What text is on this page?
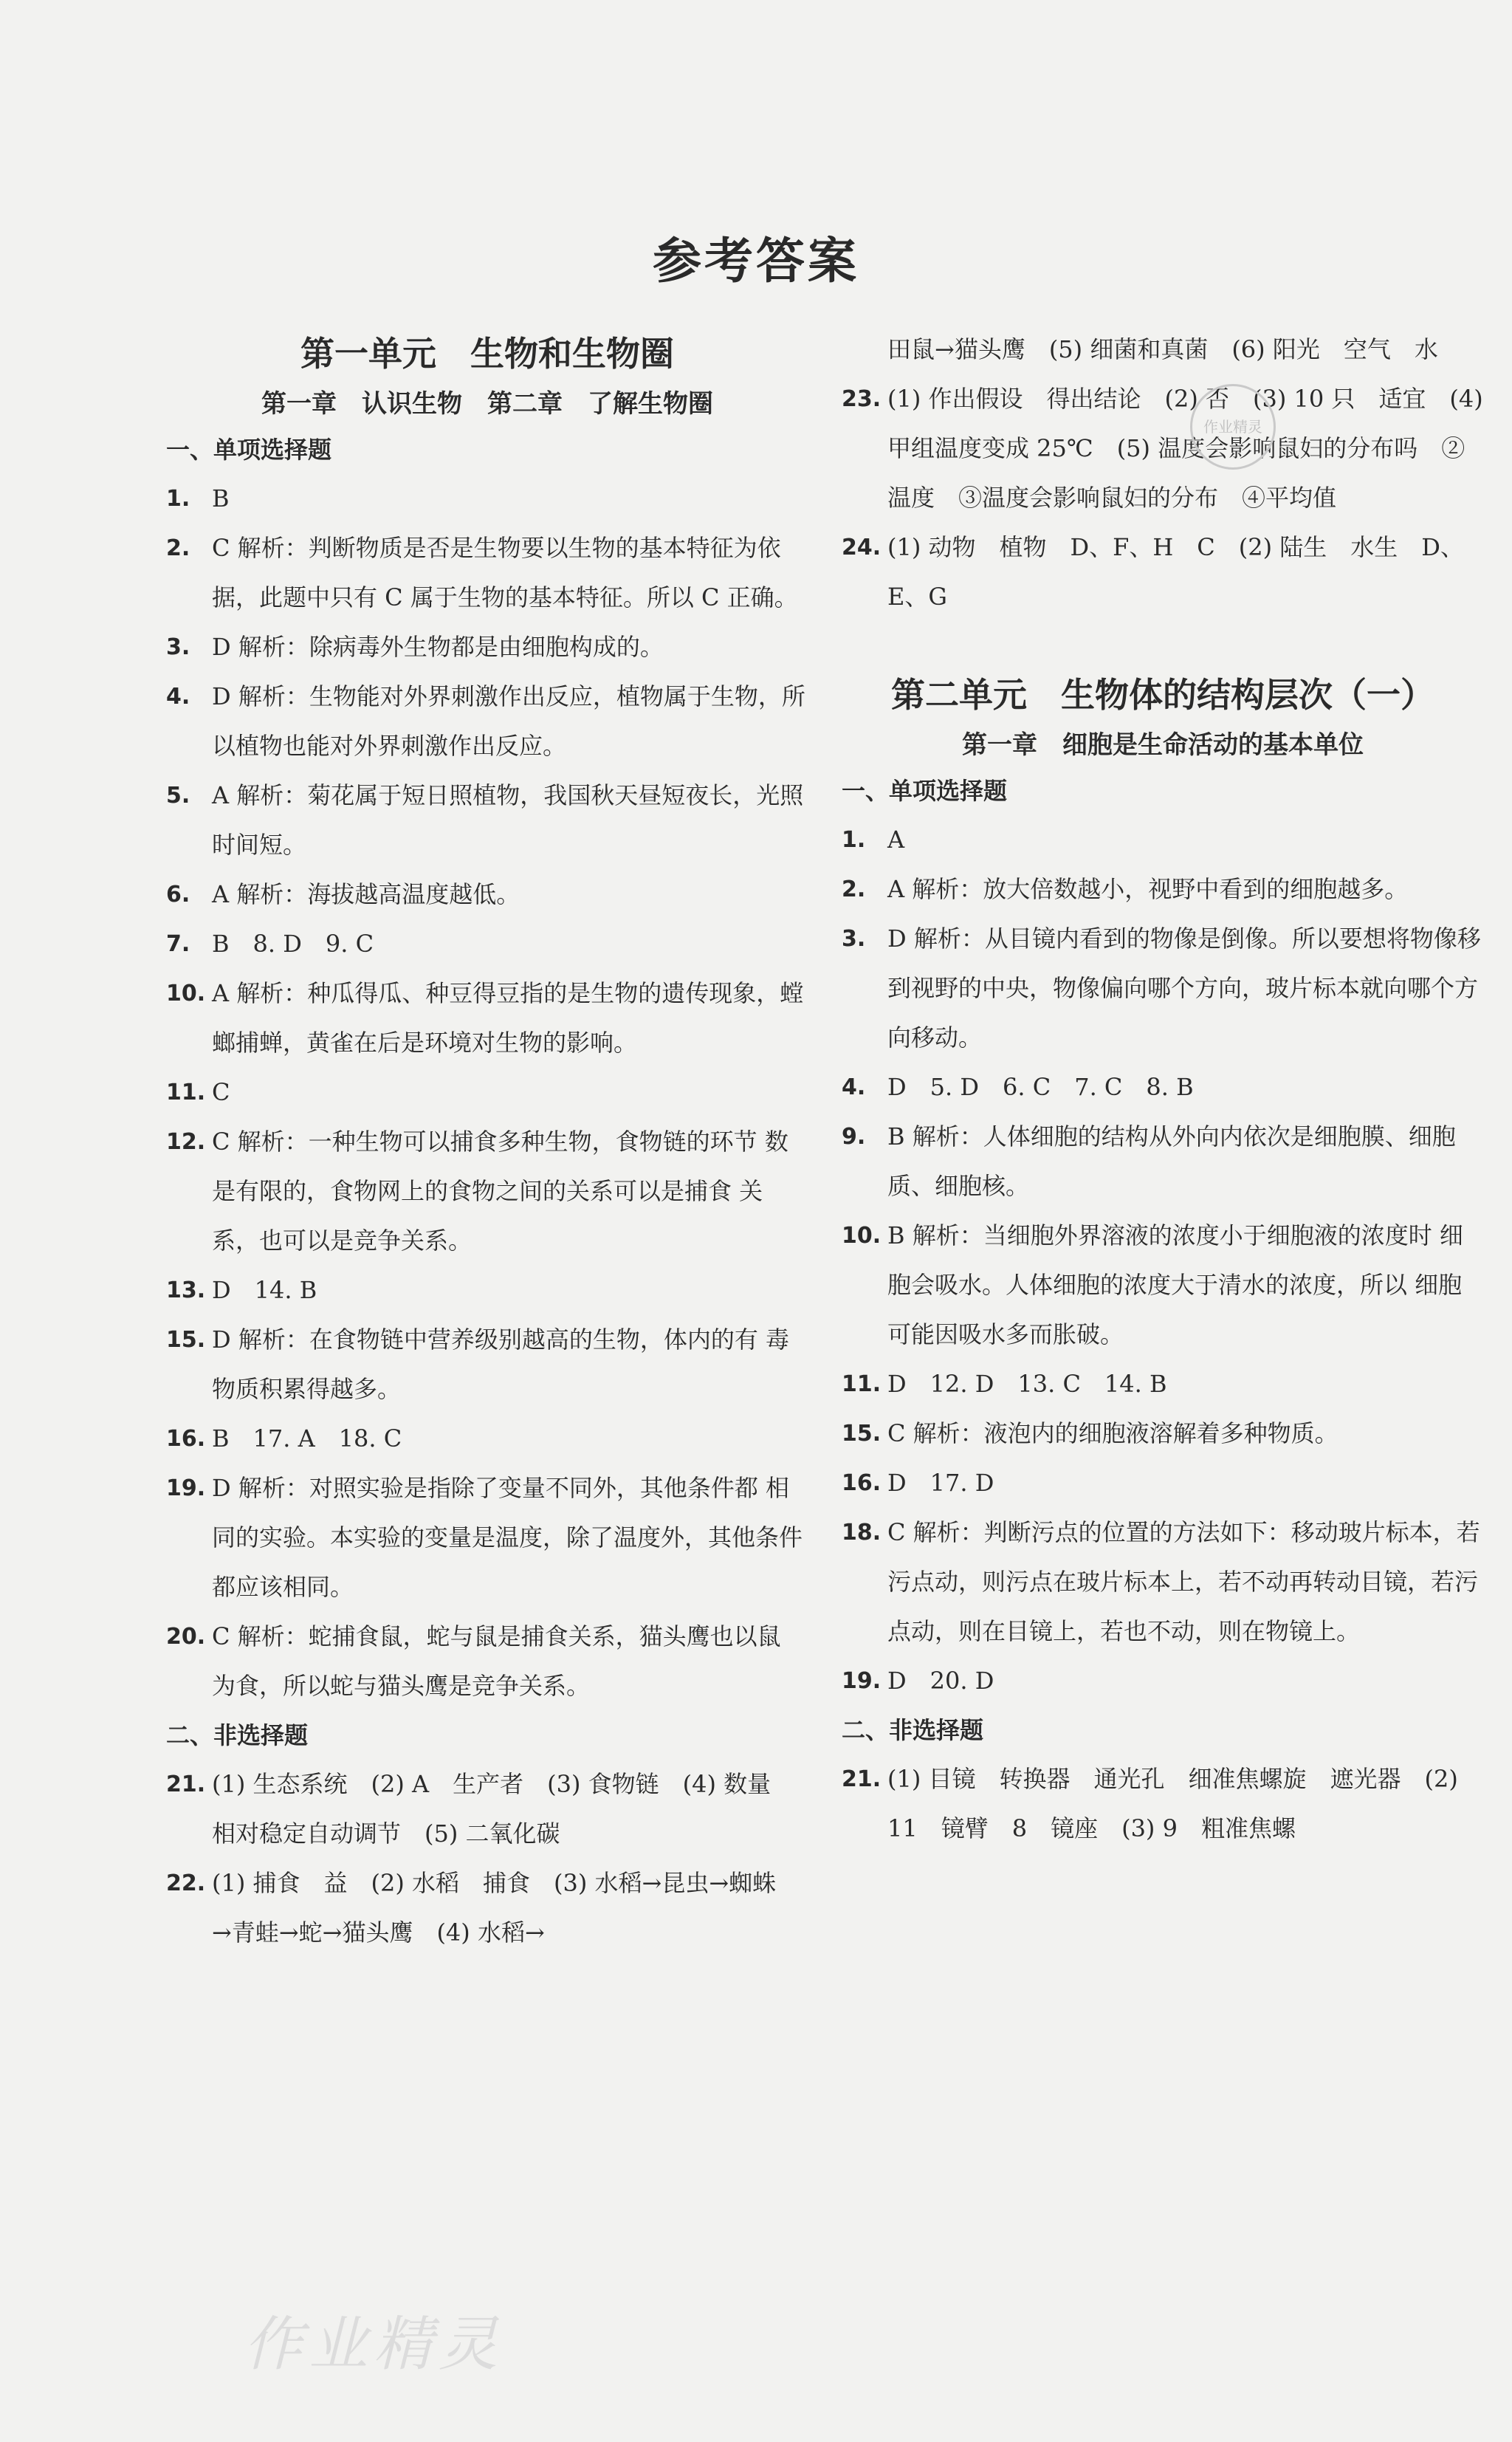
参考答案
第一单元　生物和生物圈
第一章　认识生物　第二章　了解生物圈
一、单项选择题
1. B
2. C 解析：判断物质是否是生物要以生物的基本特征为依 据，此题中只有 C 属于生物的基本特征。所以 C 正确。
3. D 解析：除病毒外生物都是由细胞构成的。
4. D 解析：生物能对外界刺激作出反应，植物属于生物，所以植物也能对外界刺激作出反应。
5. A 解析：菊花属于短日照植物，我国秋天昼短夜长，光照时间短。
6. A 解析：海拔越高温度越低。
7. B　8. D　9. C
10. A 解析：种瓜得瓜、种豆得豆指的是生物的遗传现象，螳螂捕蝉，黄雀在后是环境对生物的影响。
11. C
12. C 解析：一种生物可以捕食多种生物，食物链的环节 数是有限的，食物网上的食物之间的关系可以是捕食 关系，也可以是竞争关系。
13. D　14. B
15. D 解析：在食物链中营养级别越高的生物，体内的有 毒物质积累得越多。
16. B　17. A　18. C
19. D 解析：对照实验是指除了变量不同外，其他条件都 相同的实验。本实验的变量是温度，除了温度外，其他条件都应该相同。
20. C 解析：蛇捕食鼠，蛇与鼠是捕食关系，猫头鹰也以鼠 为食，所以蛇与猫头鹰是竞争关系。
二、非选择题
21. (1) 生态系统　(2) A　生产者　(3) 食物链　(4) 数量　相对稳定自动调节　(5) 二氧化碳
22. (1) 捕食　益　(2) 水稻　捕食　(3) 水稻→昆虫→蜘蛛　→青蛙→蛇→猫头鹰　(4) 水稻→
田鼠→猫头鹰　(5) 细菌和真菌　(6) 阳光　空气　水
23. (1) 作出假设　得出结论　(2) 否　(3) 10 只　适宜　(4) 甲组温度变成 25℃　(5) 温度会影响鼠妇的分布吗　②温度　③温度会影响鼠妇的分布　④平均值
24. (1) 动物　植物　D、F、H　C　(2) 陆生　水生　D、E、G
第二单元　生物体的结构层次（一）
第一章　细胞是生命活动的基本单位
一、单项选择题
1. A
2. A 解析：放大倍数越小，视野中看到的细胞越多。
3. D 解析：从目镜内看到的物像是倒像。所以要想将物像移到视野的中央，物像偏向哪个方向，玻片标本就向哪个方向移动。
4. D　5. D　6. C　7. C　8. B
9. B 解析：人体细胞的结构从外向内依次是细胞膜、细胞质、细胞核。
10. B 解析：当细胞外界溶液的浓度小于细胞液的浓度时 细胞会吸水。人体细胞的浓度大于清水的浓度，所以 细胞可能因吸水多而胀破。
11. D　12. D　13. C　14. B
15. C 解析：液泡内的细胞液溶解着多种物质。
16. D　17. D
18. C 解析：判断污点的位置的方法如下：移动玻片标本，若污点动，则污点在玻片标本上，若不动再转动目镜，若污点动，则在目镜上，若也不动，则在物镜上。
19. D　20. D
二、非选择题
21. (1) 目镜　转换器　通光孔　细准焦螺旋　遮光器　(2) 11　镜臂　8　镜座　(3) 9　粗准焦螺
作业精灵
作业精灵
